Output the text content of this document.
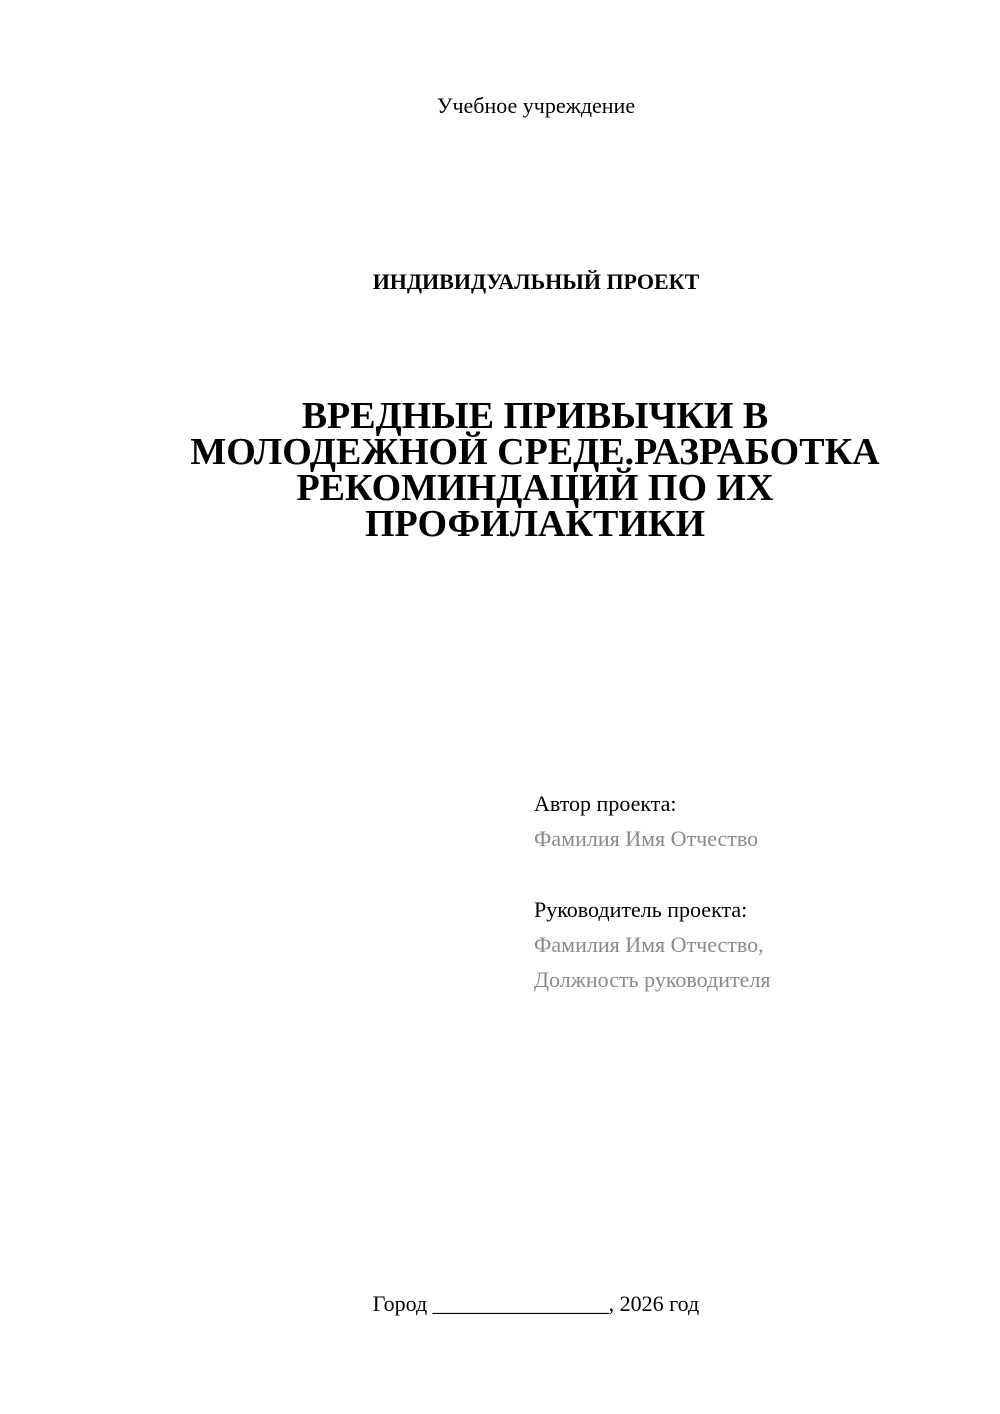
Учебное учреждение
ИНДИВИДУАЛЬНЫЙ ПРОЕКТ
ВРЕДНЫЕ ПРИВЫЧКИ В
МОЛОДЕЖНОЙ СРЕДЕ.РАЗРАБОТКА
РЕКОМИНДАЦИЙ ПО ИХ
ПРОФИЛАКТИКИ
Автор проекта:
Фамилия Имя Отчество
Руководитель проекта:
Фамилия Имя Отчество,
Должность руководителя
Город ________________, 2026 год
